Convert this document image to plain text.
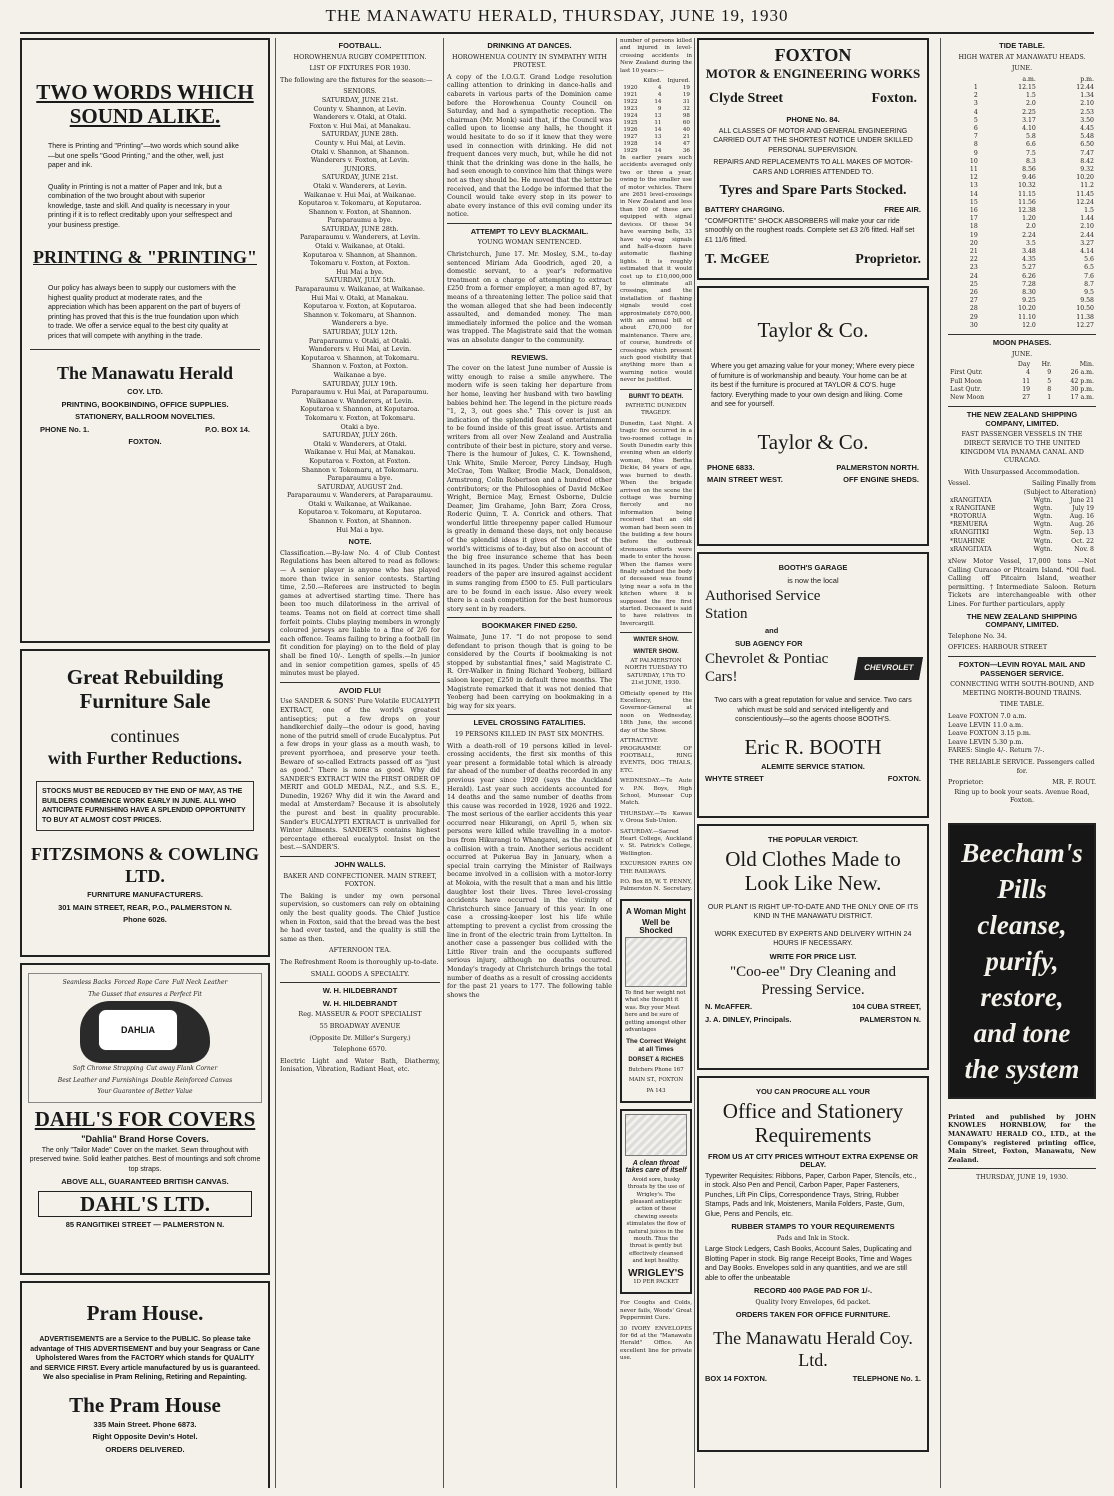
THE MANAWATU HERALD, THURSDAY, JUNE 19, 1930
TWO WORDS WHICH SOUND ALIKE.

There is Printing and "Printing"—two words which sound alike—but one spells "Good Printing," and the other, well, just paper and ink.

Quality in Printing is not a matter of Paper and Ink, but a combination of the two brought about with superior knowledge, taste and skill. And quality is necessary in your printing if it is to reflect creditably upon your selfrespect and your business prestige.

PRINTING & "PRINTING"

Our policy has always been to supply our customers with the highest quality product at moderate rates, and the appreciation which has been apparent on the part of buyers of printing has proved that this is the true foundation upon which to trade. We offer a service equal to the best city quality at prices that will compete with anything in the trade.

The Manawatu Herald
COY. LTD.
PRINTING, BOOKBINDING, OFFICE SUPPLIES.
STATIONERY, BALLROOM NOVELTIES.
PHONE No. 1.	P.O. BOX 14.
FOXTON.
Great Rebuilding Furniture Sale
continues
with Further Reductions.

STOCKS MUST BE REDUCED BY THE END OF MAY, AS THE BUILDERS COMMENCE WORK EARLY IN JUNE. ALL WHO ANTICIPATE FURNISHING HAVE A SPLENDID OPPORTUNITY TO BUY AT ALMOST COST PRICES.

FITZSIMONS & COWLING LTD.
FURNITURE MANUFACTURERS.
301 MAIN STREET, REAR, P.O., PALMERSTON N.
Phone 6026.
Seamless Backs Forced Rope Care Full Neck Leather
The Gusset that ensures a Perfect Fit
DAHLIA
Soft Chrome Strapping Cut away Flank Corner
Best Leather and Furnishings Double Reinforced Canvas
Your Guarantee of Better Value
DAHL'S FOR COVERS
"Dahlia" Brand Horse Covers.

The only "Tailor Made" Cover on the market. Sewn throughout with preserved twine. Solid leather patches. Best of mountings and soft chrome top straps.

ABOVE ALL, GUARANTEED BRITISH CANVAS.
DAHL'S LTD.
85 RANGITIKEI STREET — PALMERSTON N.
Pram House.

ADVERTISEMENTS are a Service to the PUBLIC. So please take advantage of THIS ADVERTISEMENT and buy your Seagrass or Cane Upholstered Wares from the FACTORY which stands for QUALITY and SERVICE FIRST. Every article manufactured by us is guaranteed. We also specialise in Pram Relining, Retiring and Repainting.

The Pram House
335 Main Street. Phone 6873.
Right Opposite Devin's Hotel.
ORDERS DELIVERED.
FOOTBALL.
HOROWHENUA RUGBY COMPETITION.
LIST OF FIXTURES FOR 1930.

The following are the fixtures for the season:—

SENIORS.
SATURDAY, JUNE 21st.
County v. Shannon, at Levin.
Wanderers v. Otaki, at Otaki.
Foxton v. Hui Mai, at Manakau.
SATURDAY, JUNE 28th.
County v. Hui Mai, at Levin.
Otaki v. Shannon, at Shannon.
Wanderers v. Foxton, at Levin.
JUNIORS.
SATURDAY, JUNE 21st.
Otaki v. Wanderers, at Levin.
Waikanae v. Hui Mai, at Waikanae.
Koputaroa v. Tokomaru, at Koputaroa.
Shannon v. Foxton, at Shannon.
Paraparaumu a bye.
SATURDAY, JUNE 28th.
Paraparaumu v. Wanderers, at Levin.
Otaki v. Waikanae, at Otaki.
Koputaroa v. Shannon, at Shannon.
Tokomaru v. Foxton, at Foxton.
Hui Mai a bye.
SATURDAY, JULY 5th.
Paraparaumu v. Waikanae, at Waikanae.
Hui Mai v. Otaki, at Manakau.
Koputaroa v. Foxton, at Koputaroa.
Shannon v. Tokomaru, at Shannon.
Wanderers a bye.
SATURDAY, JULY 12th.
Paraparaumu v. Otaki, at Otaki.
Wanderers v. Hui Mai, at Levin.
Koputaroa v. Shannon, at Tokomaru.
Shannon v. Foxton, at Foxton.
Waikanae a bye.
SATURDAY, JULY 19th.
Paraparaumu v. Hui Mai, at Paraparaumu.
Waikanae v. Wanderers, at Levin.
Koputaroa v. Shannon, at Koputaroa.
Tokomaru v. Foxton, at Tokomaru.
Otaki a bye.
SATURDAY, JULY 26th.
Otaki v. Wanderers, at Otaki.
Waikanae v. Hui Mai, at Manakau.
Koputaroa v. Foxton, at Foxton.
Shannon v. Tokomaru, at Tokomaru.
Paraparaumu a bye.
SATURDAY, AUGUST 2nd.
Paraparaumu v. Wanderers, at Paraparaumu.
Otaki v. Waikanae, at Waikanae.
Koputaroa v. Tokomaru, at Koputaroa.
Shannon v. Foxton, at Shannon.
Hui Mai a bye.
NOTE.

Classification.—By-law No. 4 of Club Contest Regulations has been altered to read as follows:— A senior player is anyone who has played more than twice in senior contests. Starting time, 2.50.—Referees are instructed to begin games at advertised starting time. There has been too much dilatoriness in the arrival of teams. Teams not on field at correct time shall forfeit points. Clubs playing members in wrongly coloured jerseys are liable to a fine of 2/6 for each offence. Teams failing to bring a football (in fit condition for playing) on to the field of play shall be fined 10/-. Length of spells.—In junior and in senior competition games, spells of 45 minutes must be played.

AVOID FLU!

Use SANDER & SONS' Pure Volatile EUCALYPTI EXTRACT, one of the world's greatest antiseptics; put a few drops on your handkerchief daily—the odour is good, having none of the putrid smell of crude Eucalyptus. Put a few drops in your glass as a mouth wash, to prevent pyorrhoea, and preserve your teeth. Beware of so-called Extracts passed off as "just as good." There is none as good. Why did SANDER'S EXTRACT WIN the FIRST ORDER OF MERIT and GOLD MEDAL, N.Z., and S.S. E., Dunedin, 1926? Why did it win the Award and medal at Amsterdam? Because it is absolutely the purest and best in quality procurable. Sander's EUCALYPTI EXTRACT is unrivalled for Winter Ailments. SANDER'S contains highest percentage ethereal eucalyptol. Insist on the best.—SANDER'S.

JOHN WALLS.
BAKER AND CONFECTIONER. MAIN STREET, FOXTON.

The Baking is under my own personal supervision, so customers can rely on obtaining only the best quality goods. The Chief Justice when in Foxton, said that the bread was the best he had ever tasted, and the quality is still the same as then.

AFTERNOON TEA.

The Refreshment Room is thoroughly up-to-date.

SMALL GOODS A SPECIALTY.
W. H. HILDEBRANDT
W. H. HILDEBRANDT
Reg. MASSEUR & FOOT SPECIALIST
55 BROADWAY AVENUE
(Opposite Dr. Miller's Surgery.)
Telephone 6570.

Electric Light and Water Bath, Diathermy, Ionisation, Vibration, Radiant Heat, etc.

DRINKING AT DANCES.
HOROWHENUA COUNTY IN SYMPATHY WITH PROTEST.

A copy of the I.O.G.T. Grand Lodge resolution calling attention to drinking in dance-halls and cabarets in various parts of the Dominion came before the Horowhenua County Council on Saturday, and had a sympathetic reception. The chairman (Mr. Monk) said that, if the Council was called upon to license any halls, he thought it would hesitate to do so if it knew that they were used in connection with drinking. He did not frequent dances very much, but, while he did not think that the drinking was done in the halls, he had seen enough to convince him that things were not as they should be. He moved that the letter be received, and that the Lodge be informed that the Council would take every step in its power to abate every instance of this evil coming under its notice.

ATTEMPT TO LEVY BLACKMAIL.
YOUNG WOMAN SENTENCED.

Christchurch, June 17. Mr. Mosley, S.M., to-day sentenced Miriam Ada Goodrich, aged 20, a domestic servant, to a year's reformative treatment on a charge of attempting to extract £250 from a former employer, a man aged 87, by means of a threatening letter. The police said that the woman alleged that she had been indecently assaulted, and demanded money. The man immediately informed the police and the woman was trapped. The Magistrate said that the woman was an absolute danger to the community.

REVIEWS.

The cover on the latest June number of Aussie is witty enough to raise a smile anywhere. The modern wife is seen taking her departure from her home, leaving her husband with two bawling babies behind her. The legend in the picture reads "1, 2, 3, out goes she." This cover is just an indication of the splendid feast of entertainment to be found inside of this great issue. Artists and writers from all over New Zealand and Australia contribute of their best in picture, story and verse. There is the humour of Jukes, C. K. Townshend, Unk White, Smile Mercer, Percy Lindsay, Hugh McCrae, Tom Walker, Brodie Mack, Donaldson, Armstrong, Colin Robertson and a hundred other contributors; or the Philosophies of David McKee Wright, Bernice May, Ernest Osborne, Dulcie Deamer, Jim Grahame, John Barr, Zora Cross, Roderic Quinn, T. A. Conrick and others. That wonderful little threepenny paper called Humour is greatly in demand these days, not only because of the splendid ideas it gives of the best of the world's witticisms of to-day, but also on account of the big free insurance scheme that has been launched in its pages. Under this scheme regular readers of the paper are insured against accident in sums ranging from £500 to £5. Full particulars are to be found in each issue. Also every week there is a cash competition for the best humorous story sent in by readers.

BOOKMAKER FINED £250.

Waimate, June 17. "I do not propose to send defendant to prison though that is going to be considered by the Courts if bookmaking is not stopped by substantial fines," said Magistrate C. R. Orr-Walker in fining Richard Yeoberg, billiard saloon keeper, £250 in default three months. The Magistrate remarked that it was not denied that Yeoberg had been carrying on bookmaking in a big way for six years.

LEVEL CROSSING FATALITIES.
19 PERSONS KILLED IN PAST SIX MONTHS.

With a death-roll of 19 persons killed in level-crossing accidents, the first six months of this year present a formidable total which is already far ahead of the number of deaths recorded in any previous year since 1920 (says the Auckland Herald). Last year such accidents accounted for 14 deaths and the same number of deaths from this cause was recorded in 1928, 1926 and 1922. The most serious of the earlier accidents this year occurred near Hikurangi, on April 5, when six persons were killed while travelling in a motor-bus from Hikurangi to Whangarei, as the result of a collision with a train. Another serious accident occurred at Pukerua Bay in January, when a special train carrying the Minister of Railways became involved in a collision with a motor-lorry at Mokoia, with the result that a man and his little daughter lost their lives. Three level-crossing accidents have occurred in the vicinity of Christchurch since January of this year. In one case a crossing-keeper lost his life while attempting to prevent a cyclist from crossing the line in front of the electric train from Lyttelton. In another case a passenger bus collided with the Little River train and the occupants suffered serious injury, although no deaths occurred. Monday's tragedy at Christchurch brings the total number of deaths as a result of crossing accidents for the past 21 years to 177. The following table shows the

number of persons killed and injured in level-crossing accidents in New Zealand during the last 10 years:—

	Killed.	Injured.
1920	4	19
1921	4	19
1922	14	31
1923	9	32
1924	13	98
1925	11	60
1926	14	40
1927	13	21
1928	14	47
1929	14	36

In earlier years such accidents averaged only two or three a year, owing to the smaller use of motor vehicles. There are 2651 level-crossings in New Zealand and less than 100 of these are equipped with signal devices. Of these 54 have warning bells, 33 have wig-wag signals and half-a-dozen have automatic flashing lights. It is roughly estimated that it would cost up to £10,000,000 to eliminate all crossings, and the installation of flashing signals would cost approximately £670,000, with an annual bill of about £70,000 for maintenance. There are, of course, hundreds of crossings which present such good visibility that anything more than a warning notice would never be justified.

BURNT TO DEATH.
PATHETIC DUNEDIN TRAGEDY.

Dunedin, Last Night. A tragic fire occurred in a two-roomed cottage in South Dunedin early this evening when an elderly woman, Miss Bertha Dickie, 84 years of age, was burned to death. When the brigade arrived on the scene the cottage was burning fiercely and no information being received that an old woman had been seen in the building a few hours before the outbreak strenuous efforts were made to enter the house. When the flames were finally subdued the body of deceased was found lying near a sofa in the kitchen where it is supposed the fire first started. Deceased is said to have relatives in Invercargill.

WINTER SHOW.
WINTER SHOW.
AT PALMERSTON NORTH TUESDAY TO SATURDAY, 17th TO 21st JUNE, 1930.

Officially opened by His Excellency, the Governor-General at noon on Wednesday, 18th June, the second day of the Show.

ATTRACTIVE PROGRAMME OF FOOTBALL, RING EVENTS, DOG TRIALS, ETC.

WEDNESDAY.—Te Aute v. P.N. Boys, High School, Munsear Cup Match.

THURSDAY.—To Kawau v. Oroua Sub-Union.

SATURDAY.—Sacred Heart College, Auckland v. St. Patrick's College, Wellington.

EXCURSION FARES ON THE RAILWAYS.

P.O. Box 85, W. T. PENNY,
Palmerston N. Secretary.
A Woman Might
Well be Shocked

To find her weight not what she thought it was. Buy your Meat here and be sure of getting amongst other advantages

The Correct Weight at all Times
DORSET & RICHES
Butchers Phone 167
MAIN ST., FOXTON
PA 143
A clean throat takes care of itself

Avoid sore, husky throats by the use of Wrigley's. The pleasant antiseptic action of these chewing sweets stimulates the flow of natural juices in the mouth. Thus the throat is gently but effectively cleansed and kept healthy.

WRIGLEY'S
1D PER PACKET

For Coughs and Colds, never fails, Woods' Great Peppermint Cure.

30 IVORY ENVELOPES for 6d at the "Manawatu Herald" Office. An excellent line for private use.

FOXTON
MOTOR & ENGINEERING WORKS
Clyde Street	Foxton.
PHONE No. 84.

ALL CLASSES OF MOTOR AND GENERAL ENGINEERING CARRIED OUT AT THE SHORTEST NOTICE UNDER SKILLED PERSONAL SUPERVISION.

REPAIRS AND REPLACEMENTS TO ALL MAKES OF MOTOR-CARS AND LORRIES ATTENDED TO.

Tyres and Spare Parts Stocked.
BATTERY CHARGING.	FREE AIR.

"COMFORTITE" SHOCK ABSORBERS will make your car ride smoothly on the roughest roads. Complete set £3 2/6 fitted. Half set £1 11/6 fitted.

T. McGEE	Proprietor.
Taylor & Co.

Where you get amazing value for your money; Where every piece of furniture is of workmanship and beauty. Your home can be at its best if the furniture is procured at TAYLOR & CO'S. huge factory. Everything made to your own design and liking. Come and see for yourself.

Taylor & Co.
PHONE 6833.	PALMERSTON NORTH.
MAIN STREET WEST.	OFF ENGINE SHEDS.
BOOTH'S GARAGE
is now the local
Authorised Service Station
and
SUB AGENCY FOR
Chevrolet & Pontiac Cars!
CHEVROLET

Two cars with a great reputation for value and service. Two cars which must be sold and serviced intelligently and conscientiously—so the agents choose BOOTH'S.

Eric R. BOOTH
ALEMITE SERVICE STATION.
WHYTE STREET	FOXTON.
THE POPULAR VERDICT.
Old Clothes Made to Look Like New.

OUR PLANT IS RIGHT UP-TO-DATE AND THE ONLY ONE OF ITS KIND IN THE MANAWATU DISTRICT.

WORK EXECUTED BY EXPERTS AND DELIVERY WITHIN 24 HOURS IF NECESSARY.

WRITE FOR PRICE LIST.
"Coo-ee" Dry Cleaning and Pressing Service.
N. McAFFER.	104 CUBA STREET,
J. A. DINLEY, Principals.	PALMERSTON N.
YOU CAN PROCURE ALL YOUR
Office and Stationery Requirements
FROM US AT CITY PRICES WITHOUT EXTRA EXPENSE OR DELAY.

Typewriter Requisites: Ribbons, Paper, Carbon Paper, Stencils, etc., in stock. Also Pen and Pencil, Carbon Paper, Paper Fasteners, Punches, Lift Pin Clips, Correspondence Trays, String, Rubber Stamps, Pads and Ink, Moisteners, Manila Folders, Paste, Gum, Glue, Pens and Pencils, etc.

RUBBER STAMPS TO YOUR REQUIREMENTS
Pads and Ink in Stock.

Large Stock Ledgers, Cash Books, Account Sales, Duplicating and Blotting Paper in stock. Big range Receipt Books, Time and Wages and Day Books. Envelopes sold in any quantities, and we are still able to offer the unbeatable

RECORD 400 PAGE PAD FOR 1/-.
Quality Ivory Envelopes, 6d packet.
ORDERS TAKEN FOR OFFICE FURNITURE.
The Manawatu Herald Coy. Ltd.
BOX 14 FOXTON.	TELEPHONE No. 1.
TIDE TABLE.
HIGH WATER AT MANAWATU HEADS.
JUNE.
	a.m.	p.m.
1	12.15	12.44
2	1.5	1.34
3	2.0	2.10
4	2.25	2.53
5	3.17	3.50
6	4.10	4.45
7	5.8	5.48
8	6.6	6.50
9	7.5	7.47
10	8.3	8.42
11	8.56	9.32
12	9.46	10.20
13	10.32	11.2
14	11.15	11.45
15	11.56	12.24
16	12.38	1.5
17	1.20	1.44
18	2.0	2.10
19	2.24	2.44
20	3.5	3.27
21	3.48	4.14
22	4.35	5.6
23	5.27	6.5
24	6.26	7.6
25	7.28	8.7
26	8.30	9.5
27	9.25	9.58
28	10.20	10.50
29	11.10	11.38
30	12.0	12.27
MOON PHASES.
JUNE.
	Day	Hr.	Min.
First Qutr.	4	9	26 a.m.
Full Moon	11	5	42 p.m.
Last Qutr.	19	8	30 p.m.
New Moon	27	1	17 a.m.
THE NEW ZEALAND SHIPPING COMPANY, LIMITED.
FAST PASSENGER VESSELS IN THE DIRECT SERVICE TO THE UNITED KINGDOM VIA PANAMA CANAL AND CURACAO.
With Unsurpassed Accommodation.
Vessel.	Sailing Finally from (Subject to Alteration)
xRANGITATA	Wgtn.	June 21
x RANGITANE	Wgtn.	July 19
*ROTORUA	Wgtn.	Aug. 16
*REMUERA	Wgtn.	Aug. 26
xRANGITIKI	Wgtn.	Sep. 13
*RUAHINE	Wgtn.	Oct. 22
xRANGITATA	Wgtn.	Nov. 8

xNew Motor Vessel, 17,000 tons —Not Calling Curacao or Pitcairn Island. *Oil fuel. Calling off Pitcairn Island, weather permitting. †Intermediate Saloon. Return Tickets are interchangeable with other Lines. For further particulars, apply

THE NEW ZEALAND SHIPPING COMPANY, LIMITED.

Telephone No. 34.

OFFICES: HARBOUR STREET

FOXTON—LEVIN ROYAL MAIL AND PASSENGER SERVICE.
CONNECTING WITH SOUTH-BOUND, AND MEETING NORTH-BOUND TRAINS.
TIME TABLE.
Leave FOXTON 7.0 a.m.
Leave LEVIN 11.0 a.m.
Leave FOXTON 3.15 p.m.
Leave LEVIN 5.30 p.m.

FARES: Single 4/-. Return 7/-.

THE RELIABLE SERVICE. Passengers called for.
Proprietor:	MR. F. ROUT.
Ring up to book your seats. Avenue Road, Foxton.
Beecham's
Pills
cleanse,
purify,
restore,
and tone
the system

Printed and published by JOHN KNOWLES HORNBLOW, for the MANAWATU HERALD CO., LTD., at the Company's registered printing office, Main Street, Foxton, Manawatu, New Zealand.

THURSDAY, JUNE 19, 1930.
